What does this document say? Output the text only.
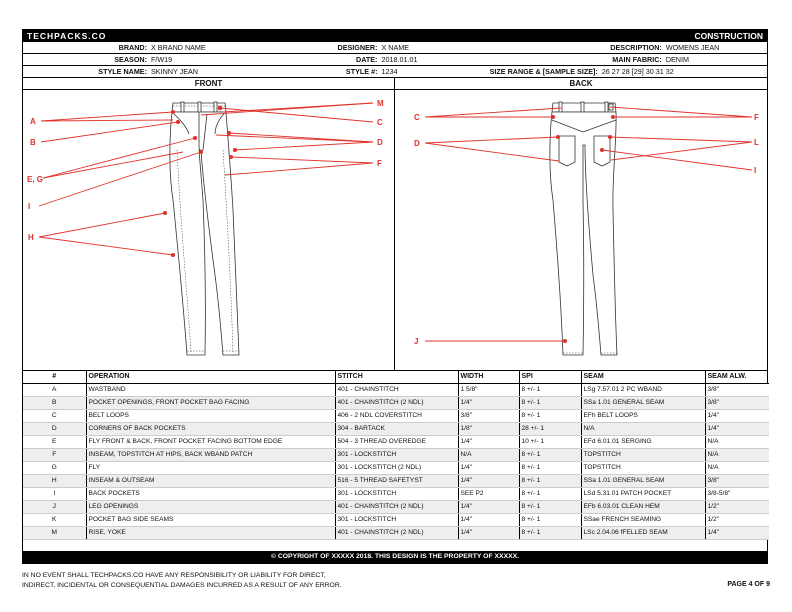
TECHPACKS.CO	CONSTRUCTION
BRAND: X BRAND NAME	DESIGNER: X NAME	DESCRIPTION: WOMENS JEAN
SEASON: F/W19	DATE: 2018.01.01	MAIN FABRIC: DENIM
STYLE NAME: SKINNY JEAN	STYLE #: 1234	SIZE RANGE & [SAMPLE SIZE]: 26 27 28 [29] 30 31 32
FRONT
A
B
E, G
I
H
M
C
D
F
BACK
C
D
J
F
L
I
#	OPERATION	STITCH	WIDTH	SPI	SEAM	SEAM ALW.
A	WASTBAND	401 - CHAINSTITCH	1 5/8"	8 +/- 1	LSg 7.57.01 2 PC WBAND	3/8"
B	POCKET OPENINGS, FRONT POCKET BAG FACING	401 - CHAINSTITCH (2 NDL)	1/4"	8 +/- 1	SSa 1.01 GENERAL SEAM	3/8"
C	BELT LOOPS	406 - 2 NDL COVERSTITCH	3/8"	8 +/- 1	EFh BELT LOOPS	1/4"
D	CORNERS OF BACK POCKETS	304 - BARTACK	1/8"	28 +/- 1	N/A	1/4"
E	FLY FRONT & BACK, FRONT POCKET FACING BOTTOM EDGE	504 - 3 THREAD OVEREDGE	1/4"	10 +/- 1	EFd 6.01.01 SERGING	N/A
F	INSEAM, TOPSTITCH AT HIPS, BACK WBAND PATCH	301 - LOCKSTITCH	N/A	8 +/- 1	TOPSTITCH	N/A
G	FLY	301 - LOCKSTITCH (2 NDL)	1/4"	8 +/- 1	TOPSTITCH	N/A
H	INSEAM & OUTSEAM	516 - 5 THREAD SAFETYST	1/4"	8 +/- 1	SSa 1.01 GENERAL SEAM	3/8"
I	BACK POCKETS	301 - LOCKSTITCH	SEE P2	8 +/- 1	LSd 5.31.01 PATCH POCKET	3/8-5/8"
J	LEG OPENINGS	401 - CHAINSTITCH (2 NDL)	1/4"	8 +/- 1	EFb 6.03.01 CLEAN HEM	1/2"
K	POCKET BAG SIDE SEAMS	301 - LOCKSTITCH	1/4"	8 +/- 1	SSae FRENCH SEAMING	1/2"
M	RISE, YOKE	401 - CHAINSTITCH (2 NDL)	1/4"	8 +/- 1	LSc 2.04.06 fFELLED SEAM	1/4"
© COPYRIGHT OF XXXXX 2018. THIS DESIGN IS THE PROPERTY OF XXXXX.
IN NO EVENT SHALL TECHPACKS.CO HAVE ANY RESPONSIBILITY OR LIABILITY FOR DIRECT,
INDIRECT, INCIDENTAL OR CONSEQUENTIAL DAMAGES INCURRED AS A RESULT OF ANY ERROR.	PAGE 4 OF 9
